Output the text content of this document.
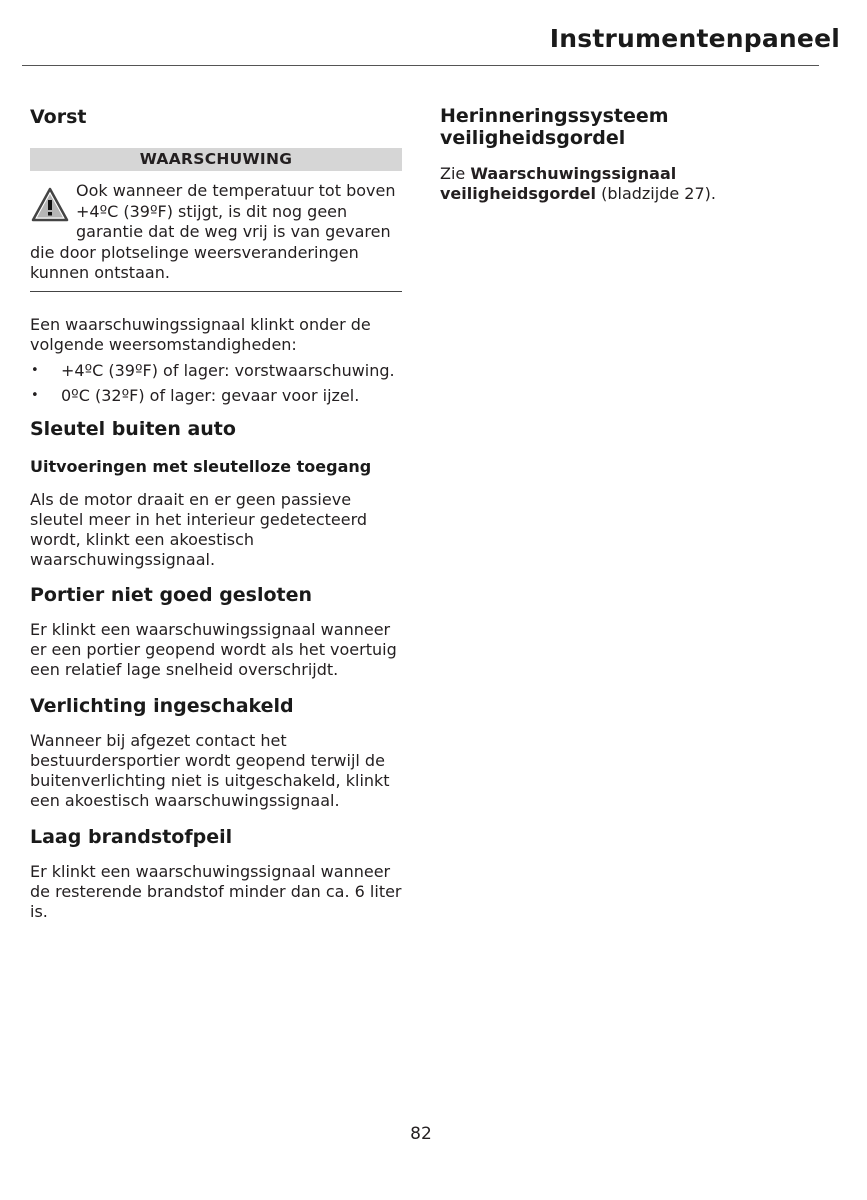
Instrumentenpaneel
Vorst
WAARSCHUWING
Ook wanneer de temperatuur tot boven +4ºC (39ºF) stijgt, is dit nog geen garantie dat de weg vrij is van gevaren die door plotselinge weersveranderingen kunnen ontstaan.

Een waarschuwingssignaal klinkt onder de volgende weersomstandigheden:

• +4ºC (39ºF) of lager: vorstwaarschuwing.
• 0ºC (32ºF) of lager: gevaar voor ijzel.
Sleutel buiten auto
Uitvoeringen met sleutelloze toegang

Als de motor draait en er geen passieve sleutel meer in het interieur gedetecteerd wordt, klinkt een akoestisch waarschuwingssignaal.

Portier niet goed gesloten

Er klinkt een waarschuwingssignaal wanneer er een portier geopend wordt als het voertuig een relatief lage snelheid overschrijdt.

Verlichting ingeschakeld

Wanneer bij afgezet contact het bestuurdersportier wordt geopend terwijl de buitenverlichting niet is uitgeschakeld, klinkt een akoestisch waarschuwingssignaal.

Laag brandstofpeil

Er klinkt een waarschuwingssignaal wanneer de resterende brandstof minder dan ca. 6 liter is.

Herinneringssysteem veiligheidsgordel

Zie Waarschuwingssignaal veiligheidsgordel (bladzijde 27).

82
